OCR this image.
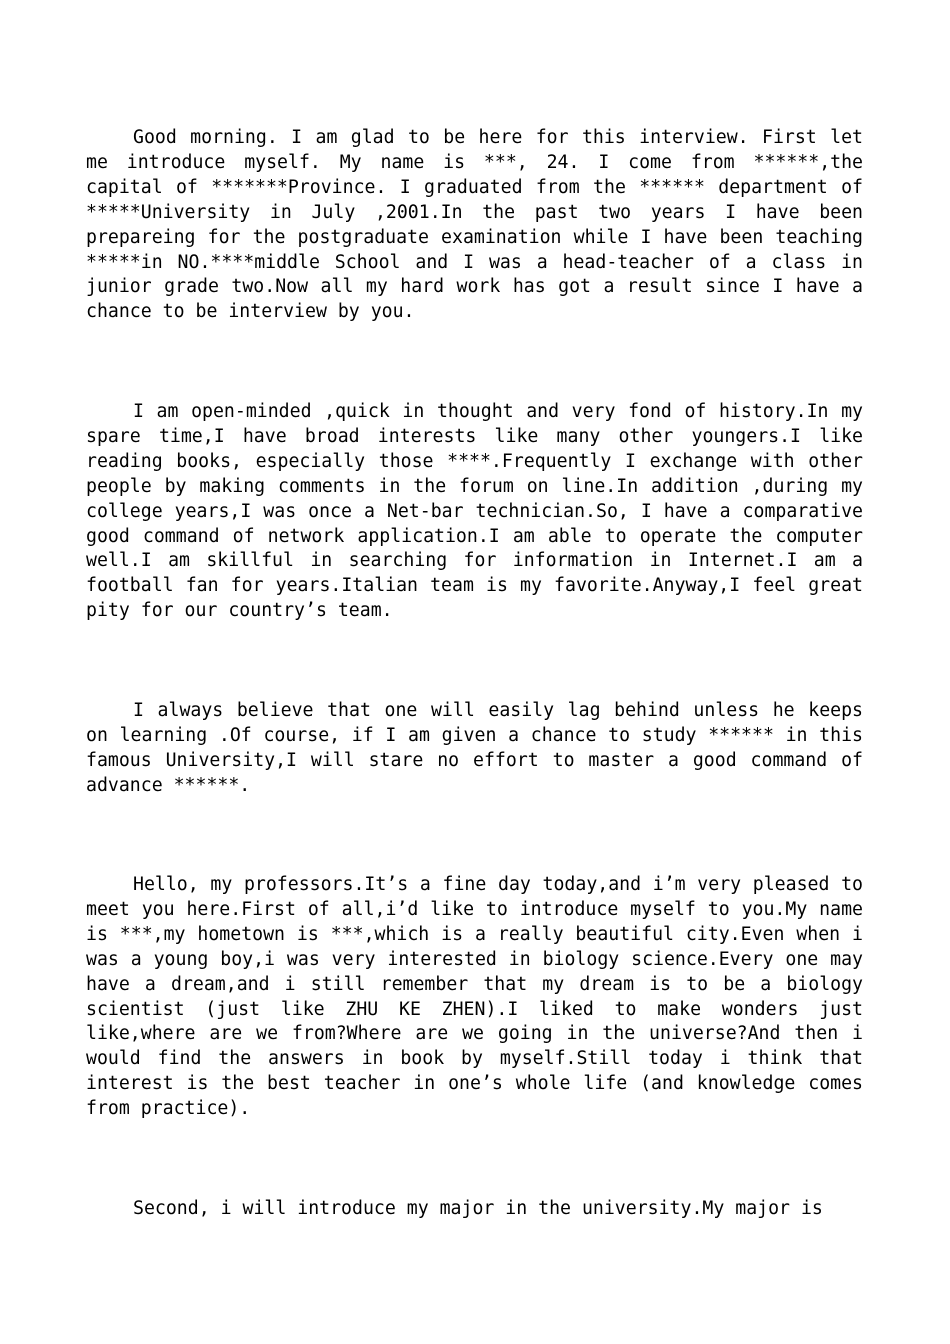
Good morning. I am glad to be here for this interview. First let me introduce myself. My name is ***, 24. I come from ******,the capital of *******Province. I graduated from the ****** department of *****University in July ,2001.In the past two years I have been prepareing for the postgraduate examination while I have been teaching *****in NO.****middle School and I was a head-teacher of a class in junior grade two.Now all my hard work has got a result since I have a chance to be interview by you.

I am open-minded ,quick in thought and very fond of history.In my spare time,I have broad interests like many other youngers.I like reading books, especially those ****.Frequently I exchange with other people by making comments in the forum on line.In addition ,during my college years,I was once a Net-bar technician.So, I have a comparative good command of network application.I am able to operate the computer well.I am skillful in searching for information in Internet.I am a football fan for years.Italian team is my favorite.Anyway,I feel great pity for our country’s team.

I always believe that one will easily lag behind unless he keeps on learning .Of course, if I am given a chance to study ****** in this famous University,I will stare no effort to master a good command of advance ******.

Hello, my professors.It’s a fine day today,and i’m very pleased to meet you here.First of all,i’d like to introduce myself to you.My name is ***,my hometown is ***,which is a really beautiful city.Even when i was a young boy,i was very interested in biology science.Every one may have a dream,and i still remember that my dream is to be a biology scientist (just like ZHU KE ZHEN).I liked to make wonders just like,where are we from?Where are we going in the universe?And then i would find the answers in book by myself.Still today i think that interest is the best teacher in one’s whole life (and knowledge comes from practice).

Second, i will introduce my major in the university.My major is
